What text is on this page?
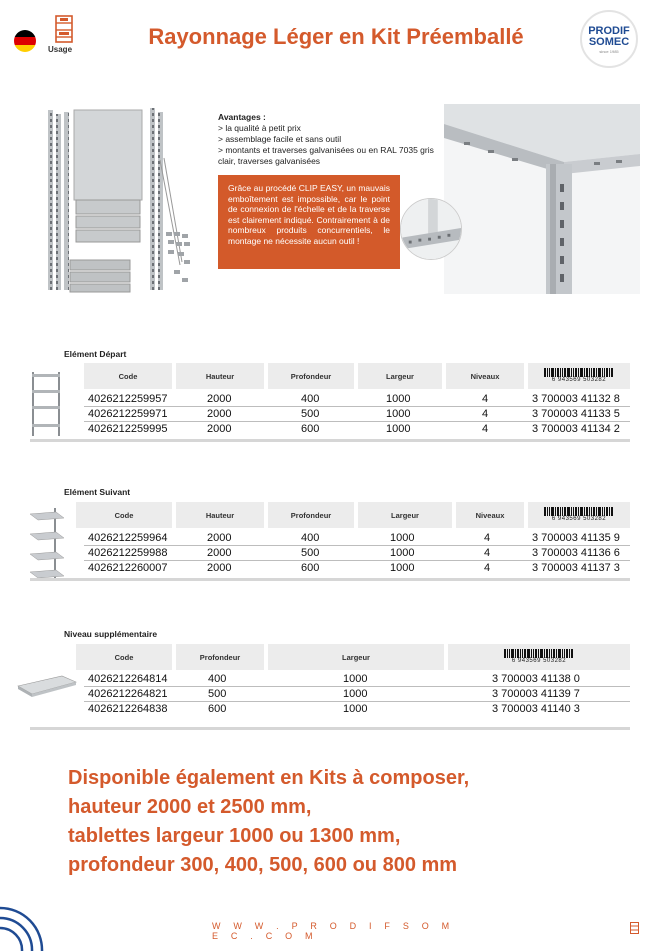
Usage
Rayonnage Léger en Kit Préemballé	PRODIF
SOMEC
since 1985
Avantages :
> la qualité à petit prix
> assemblage facile et sans outil
> montants et traverses galvanisées ou en RAL 7035 gris clair, traverses galvanisées
Grâce au procédé CLIP EASY, un mauvais emboîtement est impossible, car le point de connexion de l'échelle et de la traverse est clairement indiqué. Contrairement à de nombreux produits concurrentiels, le montage ne nécessite aucun outil !
Elément Départ
Code	Hauteur	Profondeur	Largeur	Niveaux	6 943569 503282
4026212259957	2000	400	1000	4	3 700003 41132 8
4026212259971	2000	500	1000	4	3 700003 41133 5
4026212259995	2000	600	1000	4	3 700003 41134 2
Elément Suivant
Code	Hauteur	Profondeur	Largeur	Niveaux	6 943569 503282
4026212259964	2000	400	1000	4	3 700003 41135 9
4026212259988	2000	500	1000	4	3 700003 41136 6
4026212260007	2000	600	1000	4	3 700003 41137 3
Niveau supplémentaire
Code	Profondeur	Largeur	6 943569 503282
4026212264814	400	1000	3 700003 41138 0
4026212264821	500	1000	3 700003 41139 7
4026212264838	600	1000	3 700003 41140 3
Disponible également en Kits à composer,
hauteur 2000 et 2500 mm,
tablettes largeur 1000 ou 1300 mm,
profondeur 300, 400, 500, 600 ou 800 mm
W W W . P R O D I F S O M E C . C O M
